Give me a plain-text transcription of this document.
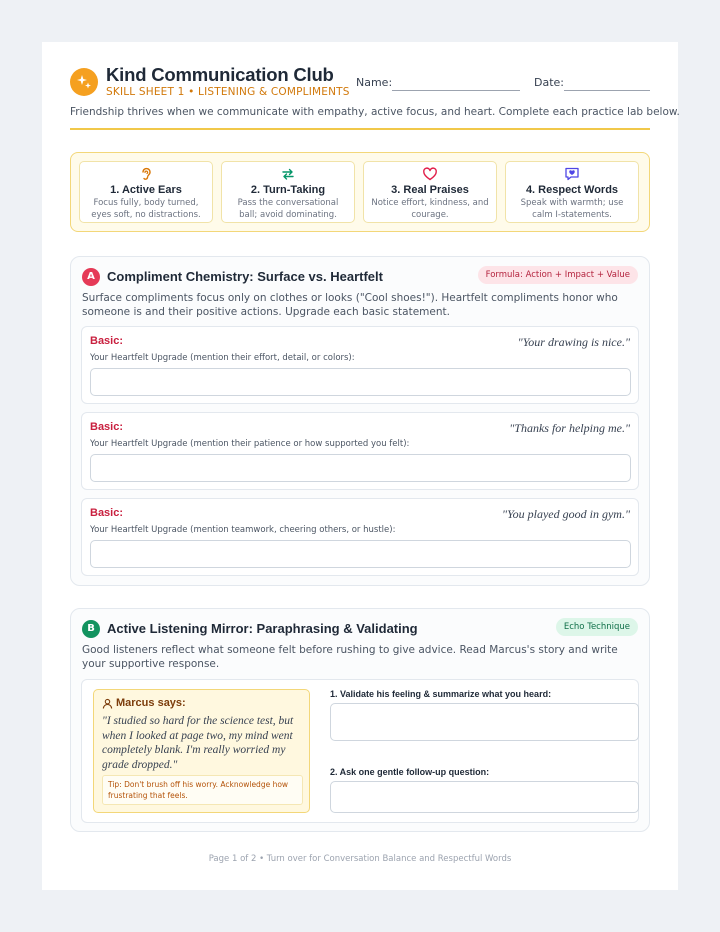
Kind Communication Club
SKILL SHEET 1 • LISTENING & COMPLIMENTS
Name:	Date:
Friendship thrives when we communicate with empathy, active focus, and heart. Complete each practice lab below.
1. Active Ears
Focus fully, body turned, eyes soft, no distractions.
2. Turn-Taking
Pass the conversational ball; avoid dominating.
3. Real Praises
Notice effort, kindness, and courage.
4. Respect Words
Speak with warmth; use calm I-statements.
A Compliment Chemistry: Surface vs. Heartfelt	Formula: Action + Impact + Value
Surface compliments focus only on clothes or looks ("Cool shoes!"). Heartfelt compliments honor who someone is and their positive actions. Upgrade each basic statement.
Basic:	"Your drawing is nice."
Your Heartfelt Upgrade (mention their effort, detail, or colors):
Basic:	"Thanks for helping me."
Your Heartfelt Upgrade (mention their patience or how supported you felt):
Basic:	"You played good in gym."
Your Heartfelt Upgrade (mention teamwork, cheering others, or hustle):
B Active Listening Mirror: Paraphrasing & Validating	Echo Technique
Good listeners reflect what someone felt before rushing to give advice. Read Marcus's story and write your supportive response.
Marcus says:
"I studied so hard for the science test, but when I looked at page two, my mind went completely blank. I'm really worried my grade dropped."
Tip: Don't brush off his worry. Acknowledge how frustrating that feels.
1. Validate his feeling & summarize what you heard:
2. Ask one gentle follow-up question:
Page 1 of 2 • Turn over for Conversation Balance and Respectful Words
